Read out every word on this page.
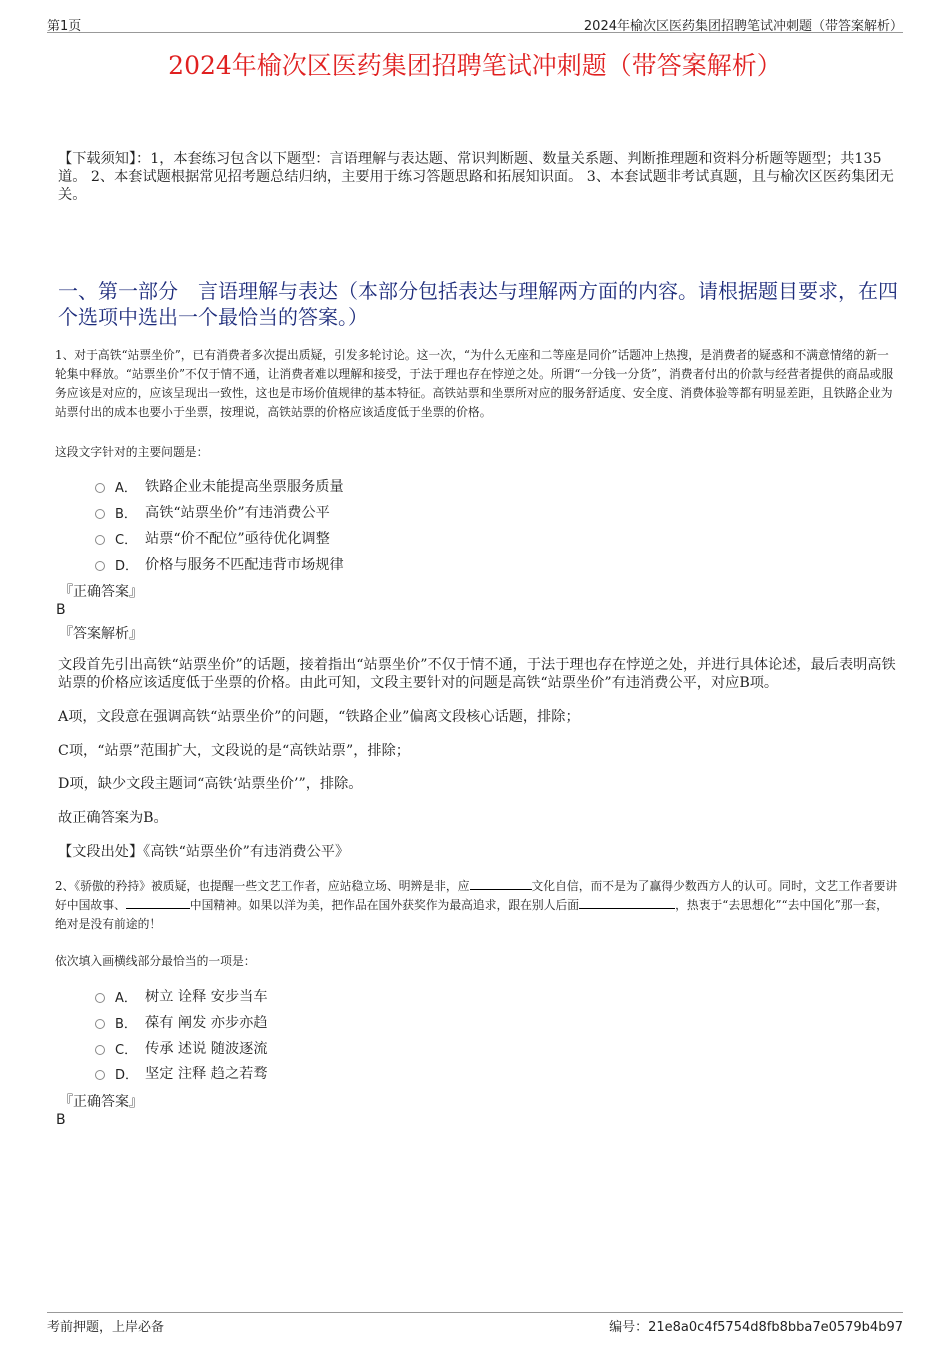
第1页	2024年榆次区医药集团招聘笔试冲刺题（带答案解析）
2024年榆次区医药集团招聘笔试冲刺题（带答案解析）
【下载须知】：1，本套练习包含以下题型：言语理解与表达题、常识判断题、数量关系题、判断推理题和资料分析题等题型；共135道。 2、本套试题根据常见招考题总结归纳，主要用于练习答题思路和拓展知识面。 3、本套试题非考试真题，且与榆次区医药集团无关。
一、第一部分　言语理解与表达（本部分包括表达与理解两方面的内容。请根据题目要求，在四个选项中选出一个最恰当的答案。）
1、对于高铁“站票坐价”，已有消费者多次提出质疑，引发多轮讨论。这一次，“为什么无座和二等座是同价”话题冲上热搜，是消费者的疑惑和不满意情绪的新一轮集中释放。“站票坐价”不仅于情不通，让消费者难以理解和接受，于法于理也存在悖逆之处。所谓“一分钱一分货”，消费者付出的价款与经营者提供的商品或服务应该是对应的，应该呈现出一致性，这也是市场价值规律的基本特征。高铁站票和坐票所对应的服务舒适度、安全度、消费体验等都有明显差距，且铁路企业为站票付出的成本也要小于坐票，按理说，高铁站票的价格应该适度低于坐票的价格。
这段文字针对的主要问题是：
A． 铁路企业未能提高坐票服务质量
B． 高铁“站票坐价”有违消费公平
C． 站票“价不配位”亟待优化调整
D． 价格与服务不匹配违背市场规律
『正确答案』
B
『答案解析』
文段首先引出高铁“站票坐价”的话题，接着指出“站票坐价”不仅于情不通，于法于理也存在悖逆之处，并进行具体论述，最后表明高铁站票的价格应该适度低于坐票的价格。由此可知，文段主要针对的问题是高铁“站票坐价”有违消费公平，对应B项。
A项，文段意在强调高铁“站票坐价”的问题，“铁路企业”偏离文段核心话题，排除；
C项，“站票”范围扩大，文段说的是“高铁站票”，排除；
D项，缺少文段主题词“高铁‘站票坐价’”，排除。
故正确答案为B。
【文段出处】《高铁“站票坐价”有违消费公平》
2、《骄傲的矜持》被质疑，也提醒一些文艺工作者，应站稳立场、明辨是非，应	文化自信，而不是为了赢得少数西方人的认可。同时，文艺工作者要讲好中国故事、	中国精神。如果以洋为美，把作品在国外获奖作为最高追求，跟在别人后面	，热衷于“去思想化”“去中国化”那一套，绝对是没有前途的！
依次填入画横线部分最恰当的一项是：
A． 树立 诠释 安步当车
B． 葆有 阐发 亦步亦趋
C． 传承 述说 随波逐流
D． 坚定 注释 趋之若骛
『正确答案』
B
考前押题，上岸必备	编号：21e8a0c4f5754d8fb8bba7e0579b4b97
